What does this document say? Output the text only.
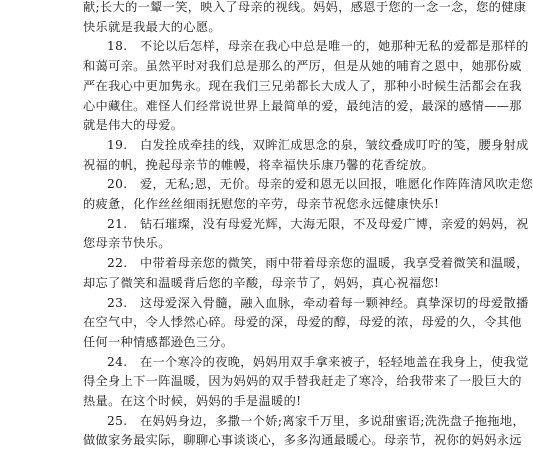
献;长大的一颦一笑，映入了母亲的视线。妈妈，感恩于您的一念一念，您的健康
快乐就是我最大的心愿。
18.　不论以后怎样，母亲在我心中总是唯一的，她那种无私的爱都是那样的
和蔼可亲。虽然平时对我们总是那么的严厉，但是从她的哺育之恩中，她那份威
严在我心中更加隽永。现在我们三兄弟都长大成人了，那种小时候生活都会在我
心中藏住。难怪人们经常说世界上最简单的爱，最纯洁的爱，最深的感情——那
就是伟大的母爱。
19.　白发拴成牵挂的线，双眸汇成思念的泉，皱纹叠成叮咛的笺，腰身射成
祝福的帆，挽起母亲节的帷幔，将幸福快乐康乃馨的花香绽放。
20.　爱，无私;恩，无价。母亲的爱和恩无以回报，唯愿化作阵阵清风吹走您
的疲惫，化作丝丝细雨抚慰您的辛劳，母亲节祝您永远健康快乐!
21.　钻石璀璨，没有母爱光辉，大海无限，不及母爱广博，亲爱的妈妈，祝
您母亲节快乐。
22.　中带着母亲您的微笑，雨中带着母亲您的温暖，我享受着微笑和温暖，
却忘了微笑和温暖背后您的辛酸，母亲节了，妈妈，真心祝福您!
23.　这母爱深入骨髓，融入血脉，牵动着每一颗神经。真挚深切的母爱散播
在空气中，令人悸然心碎。母爱的深，母爱的醇，母爱的浓，母爱的久，令其他
任何一种情感都逊色三分。
24.　在一个寒冷的夜晚，妈妈用双手拿来被子，轻轻地盖在我身上，使我觉
得全身上下一阵温暖，因为妈妈的双手替我赶走了寒冷，给我带来了一股巨大的
热量。在这个时候，妈妈的手是温暖的!
25.　在妈妈身边，多撒一个娇;离家千万里，多说甜蜜语;洗洗盘子拖拖地，
做做家务最实际，聊聊心事谈谈心，多多沟通最暖心。母亲节，祝你的妈妈永远
